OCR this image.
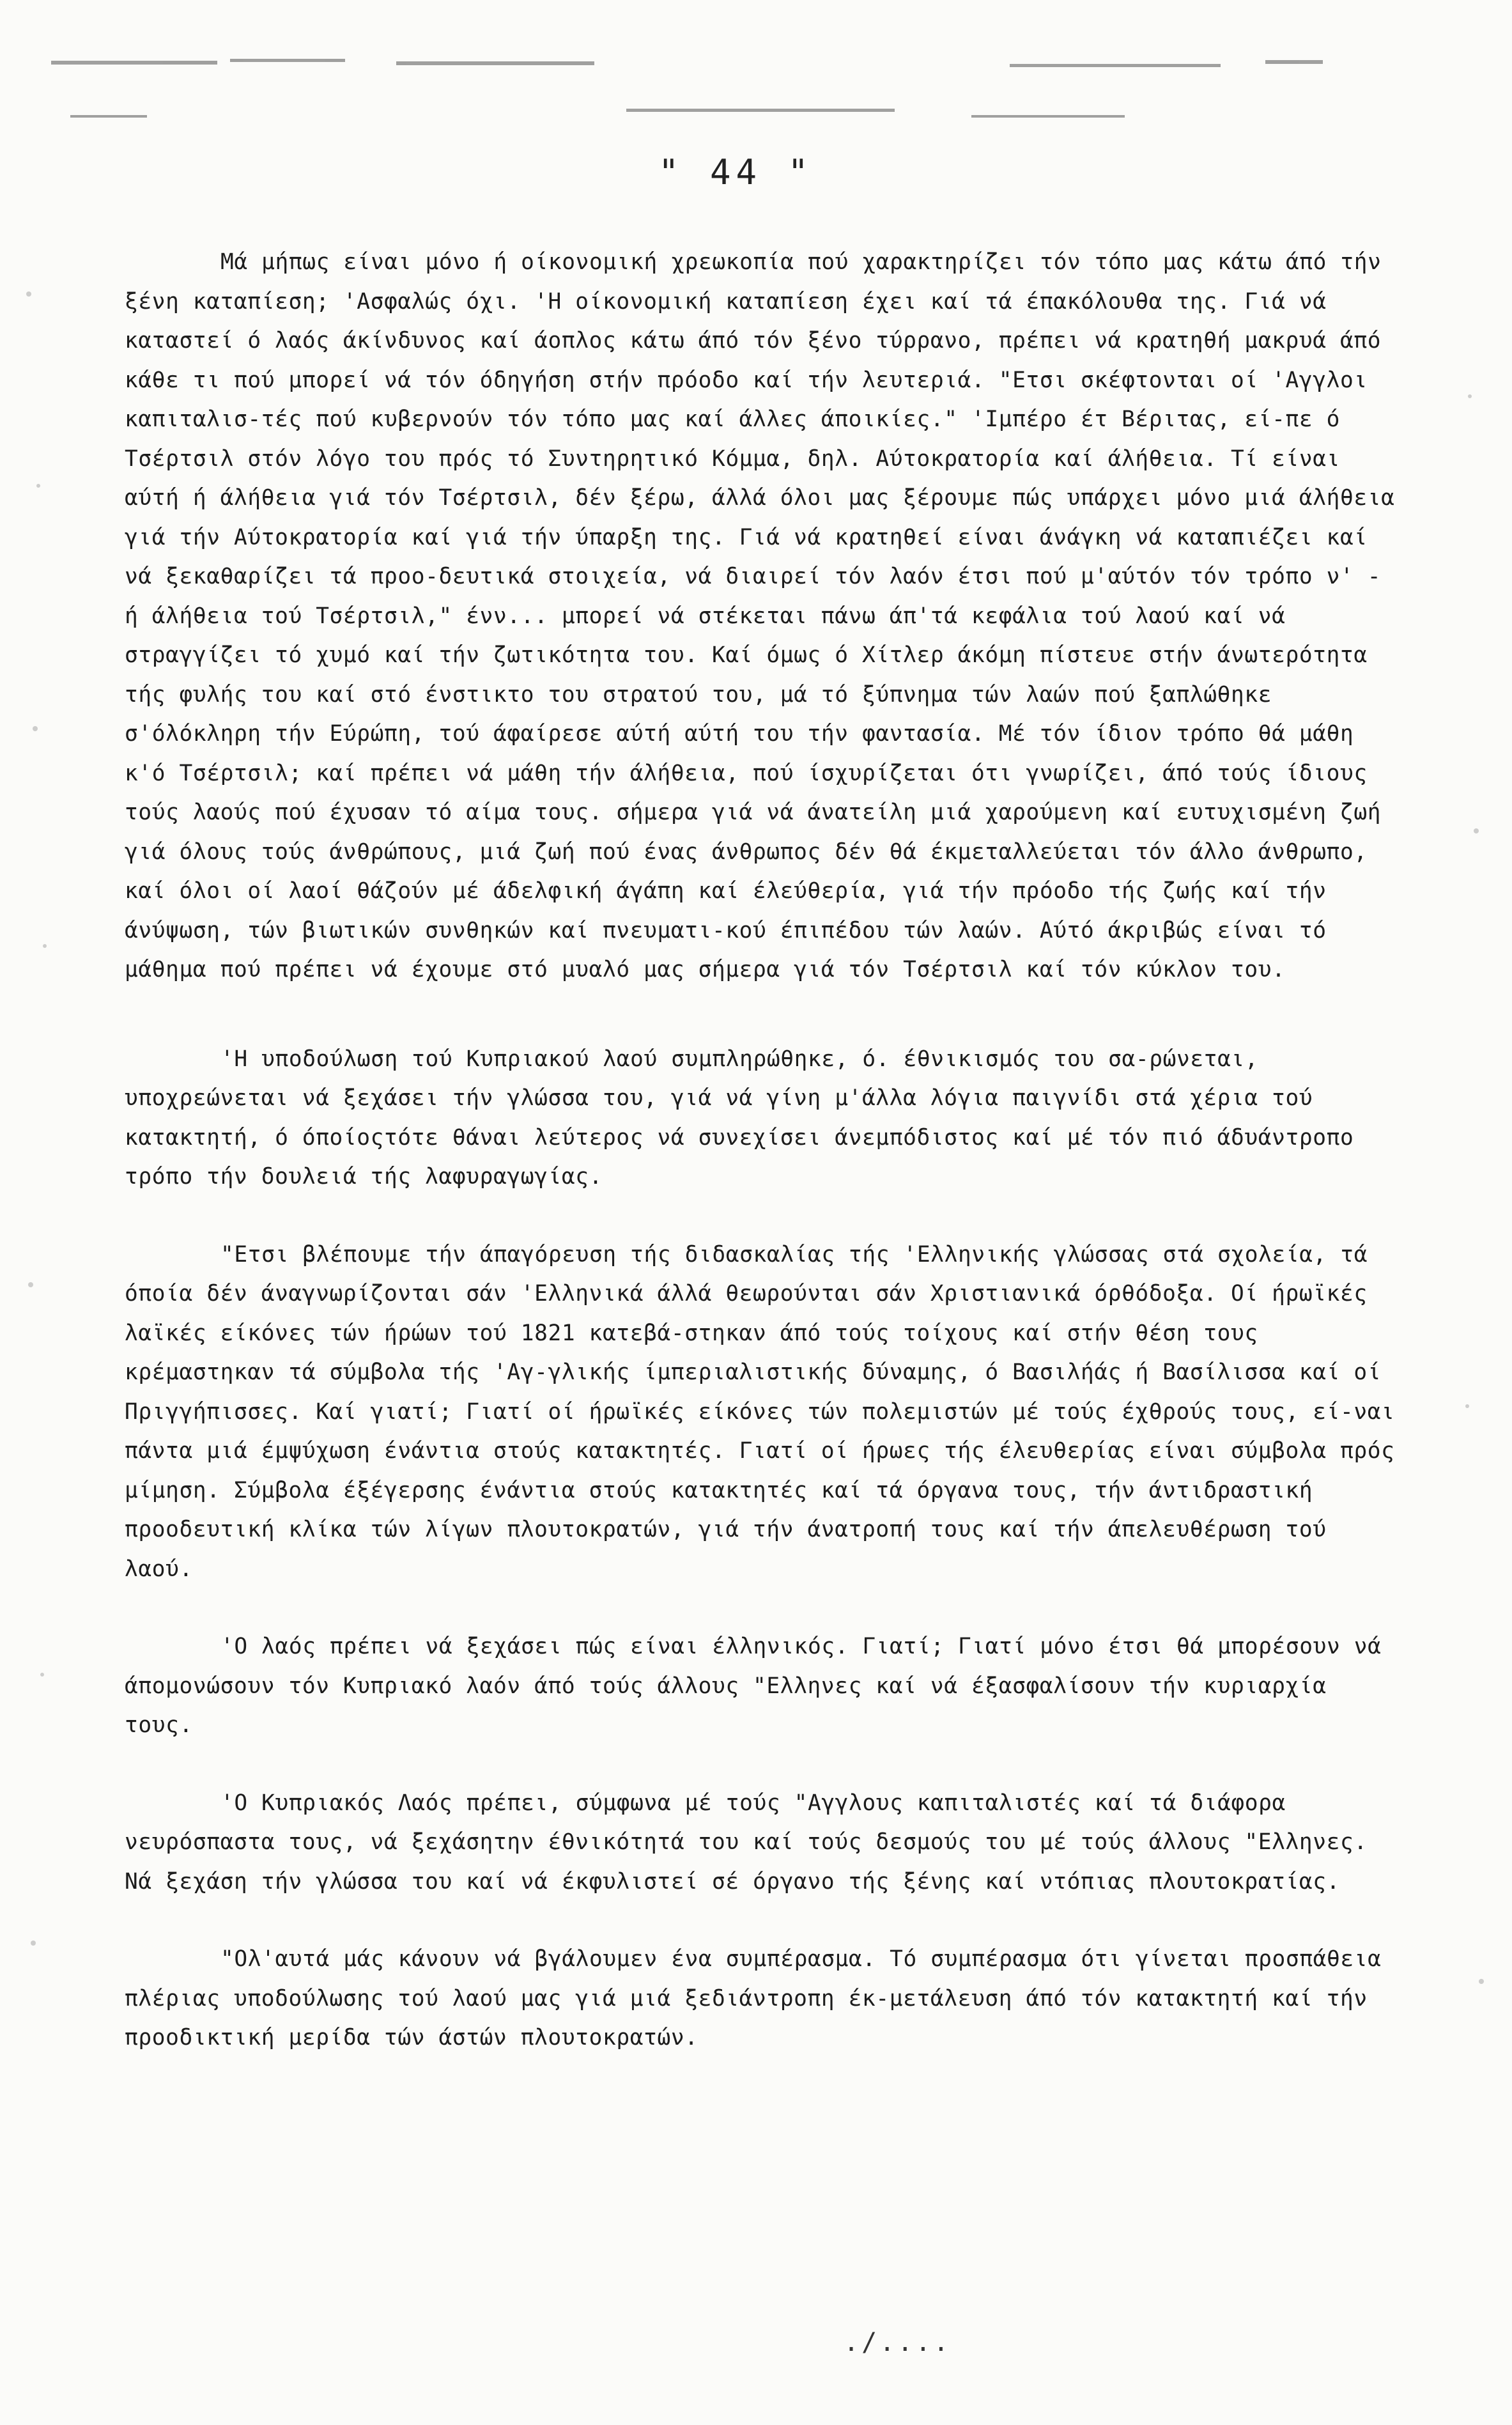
" 44 "

Μά μήπως είναι μόνο ή οίκονομική χρεωκοπία πού χαρακτηρίζει τόν τόπο μας κάτω άπό τήν ξένη καταπίεση; 'Ασφαλώς όχι. 'Η οίκονομική καταπίεση έχει καί τά έπακόλουθα της. Γιά νά καταστεί ό λαός άκίνδυνος καί άοπλος κάτω άπό τόν ξένο τύρρανο, πρέπει νά κρατηθή μακρυά άπό κάθε τι πού μπορεί νά τόν όδηγήση στήν πρόοδο καί τήν λευτεριά. "Ετσι σκέφτονται οί 'Αγγλοι καπιταλισ-τές πού κυβερνούν τόν τόπο μας καί άλλες άποικίες." 'Ιμπέρο έτ Βέριτας, εί-πε ό Τσέρτσιλ στόν λόγο του πρός τό Συντηρητικό Κόμμα, δηλ. Αύτοκρατορία καί άλήθεια. Τί είναι αύτή ή άλήθεια γιά τόν Τσέρτσιλ, δέν ξέρω, άλλά όλοι μας ξέρουμε πώς υπάρχει μόνο μιά άλήθεια γιά τήν Αύτοκρατορία καί γιά τήν ύπαρξη της. Γιά νά κρατηθεί είναι άνάγκη νά καταπιέζει καί νά ξεκαθαρίζει τά προο-δευτικά στοιχεία, νά διαιρεί τόν λαόν έτσι πού μ'αύτόν τόν τρόπο ν' - ή άλήθεια τού Τσέρτσιλ," ένν... μπορεί νά στέκεται πάνω άπ'τά κεφάλια τού λαού καί νά στραγγίζει τό χυμό καί τήν ζωτικότητα του. Καί όμως ό Χίτλερ άκόμη πίστευε στήν άνωτερότητα τής φυλής του καί στό ένστικτο του στρατού του, μά τό ξύπνημα τών λαών πού ξαπλώθηκε σ'όλόκληρη τήν Εύρώπη, τού άφαίρεσε αύτή αύτή του τήν φαντασία. Μέ τόν ίδιον τρόπο θά μάθη κ'ό Τσέρτσιλ; καί πρέπει νά μάθη τήν άλήθεια, πού ίσχυρίζεται ότι γνωρίζει, άπό τούς ίδιους τούς λαούς πού έχυσαν τό αίμα τους. σήμερα γιά νά άνατείλη μιά χαρούμενη καί ευτυχισμένη ζωή γιά όλους τούς άνθρώπους, μιά ζωή πού ένας άνθρωπος δέν θά έκμεταλλεύεται τόν άλλο άνθρωπο, καί όλοι οί λαοί θάζούν μέ άδελφική άγάπη καί έλεύθερία, γιά τήν πρόοδο τής ζωής καί τήν άνύψωση, τών βιωτικών συνθηκών καί πνευματι-κού έπιπέδου τών λαών. Αύτό άκριβώς είναι τό μάθημα πού πρέπει νά έχουμε στό μυαλό μας σήμερα γιά τόν Τσέρτσιλ καί τόν κύκλον του.

'Η υποδούλωση τού Κυπριακού λαού συμπληρώθηκε, ό. έθνικισμός του σα-ρώνεται, υποχρεώνεται νά ξεχάσει τήν γλώσσα του, γιά νά γίνη μ'άλλα λόγια παιγνίδι στά χέρια τού κατακτητή, ό όποίοςτότε θάναι λεύτερος νά συνεχίσει άνεμπόδιστος καί μέ τόν πιό άδυάντροπο τρόπο τήν δουλειά τής λαφυραγωγίας.

"Ετσι βλέπουμε τήν άπαγόρευση τής διδασκαλίας τής 'Ελληνικής γλώσσας στά σχολεία, τά όποία δέν άναγνωρίζονται σάν 'Ελληνικά άλλά θεωρούνται σάν Χριστιανικά όρθόδοξα. Οί ήρωϊκές λαϊκές είκόνες τών ήρώων τού 1821 κατεβά-στηκαν άπό τούς τοίχους καί στήν θέση τους κρέμαστηκαν τά σύμβολα τής 'Αγ-γλικής ίμπεριαλιστικής δύναμης, ό Βασιλήάς ή Βασίλισσα καί οί Πριγγήπισσες. Καί γιατί; Γιατί οί ήρωϊκές είκόνες τών πολεμιστών μέ τούς έχθρούς τους, εί-ναι πάντα μιά έμψύχωση ένάντια στούς κατακτητές. Γιατί οί ήρωες τής έλευθερίας είναι σύμβολα πρός μίμηση. Σύμβολα έξέγερσης ένάντια στούς κατακτητές καί τά όργανα τους, τήν άντιδραστική προοδευτική κλίκα τών λίγων πλουτοκρατών, γιά τήν άνατροπή τους καί τήν άπελευθέρωση τού λαού.

'Ο λαός πρέπει νά ξεχάσει πώς είναι έλληνικός. Γιατί; Γιατί μόνο έτσι θά μπορέσουν νά άπομονώσουν τόν Κυπριακό λαόν άπό τούς άλλους "Ελληνες καί νά έξασφαλίσουν τήν κυριαρχία τους.

'Ο Κυπριακός Λαός πρέπει, σύμφωνα μέ τούς "Αγγλους καπιταλιστές καί τά διάφορα νευρόσπαστα τους, νά ξεχάσητην έθνικότητά του καί τούς δεσμούς του μέ τούς άλλους "Ελληνες. Νά ξεχάση τήν γλώσσα του καί νά έκφυλιστεί σέ όργανο τής ξένης καί ντόπιας πλουτοκρατίας.

"Ολ'αυτά μάς κάνουν νά βγάλουμεν ένα συμπέρασμα. Τό συμπέρασμα ότι γίνεται προσπάθεια πλέριας υποδούλωσης τού λαού μας γιά μιά ξεδιάντροπη έκ-μετάλευση άπό τόν κατακτητή καί τήν προοδικτική μερίδα τών άστών πλουτοκρατών.

./....
